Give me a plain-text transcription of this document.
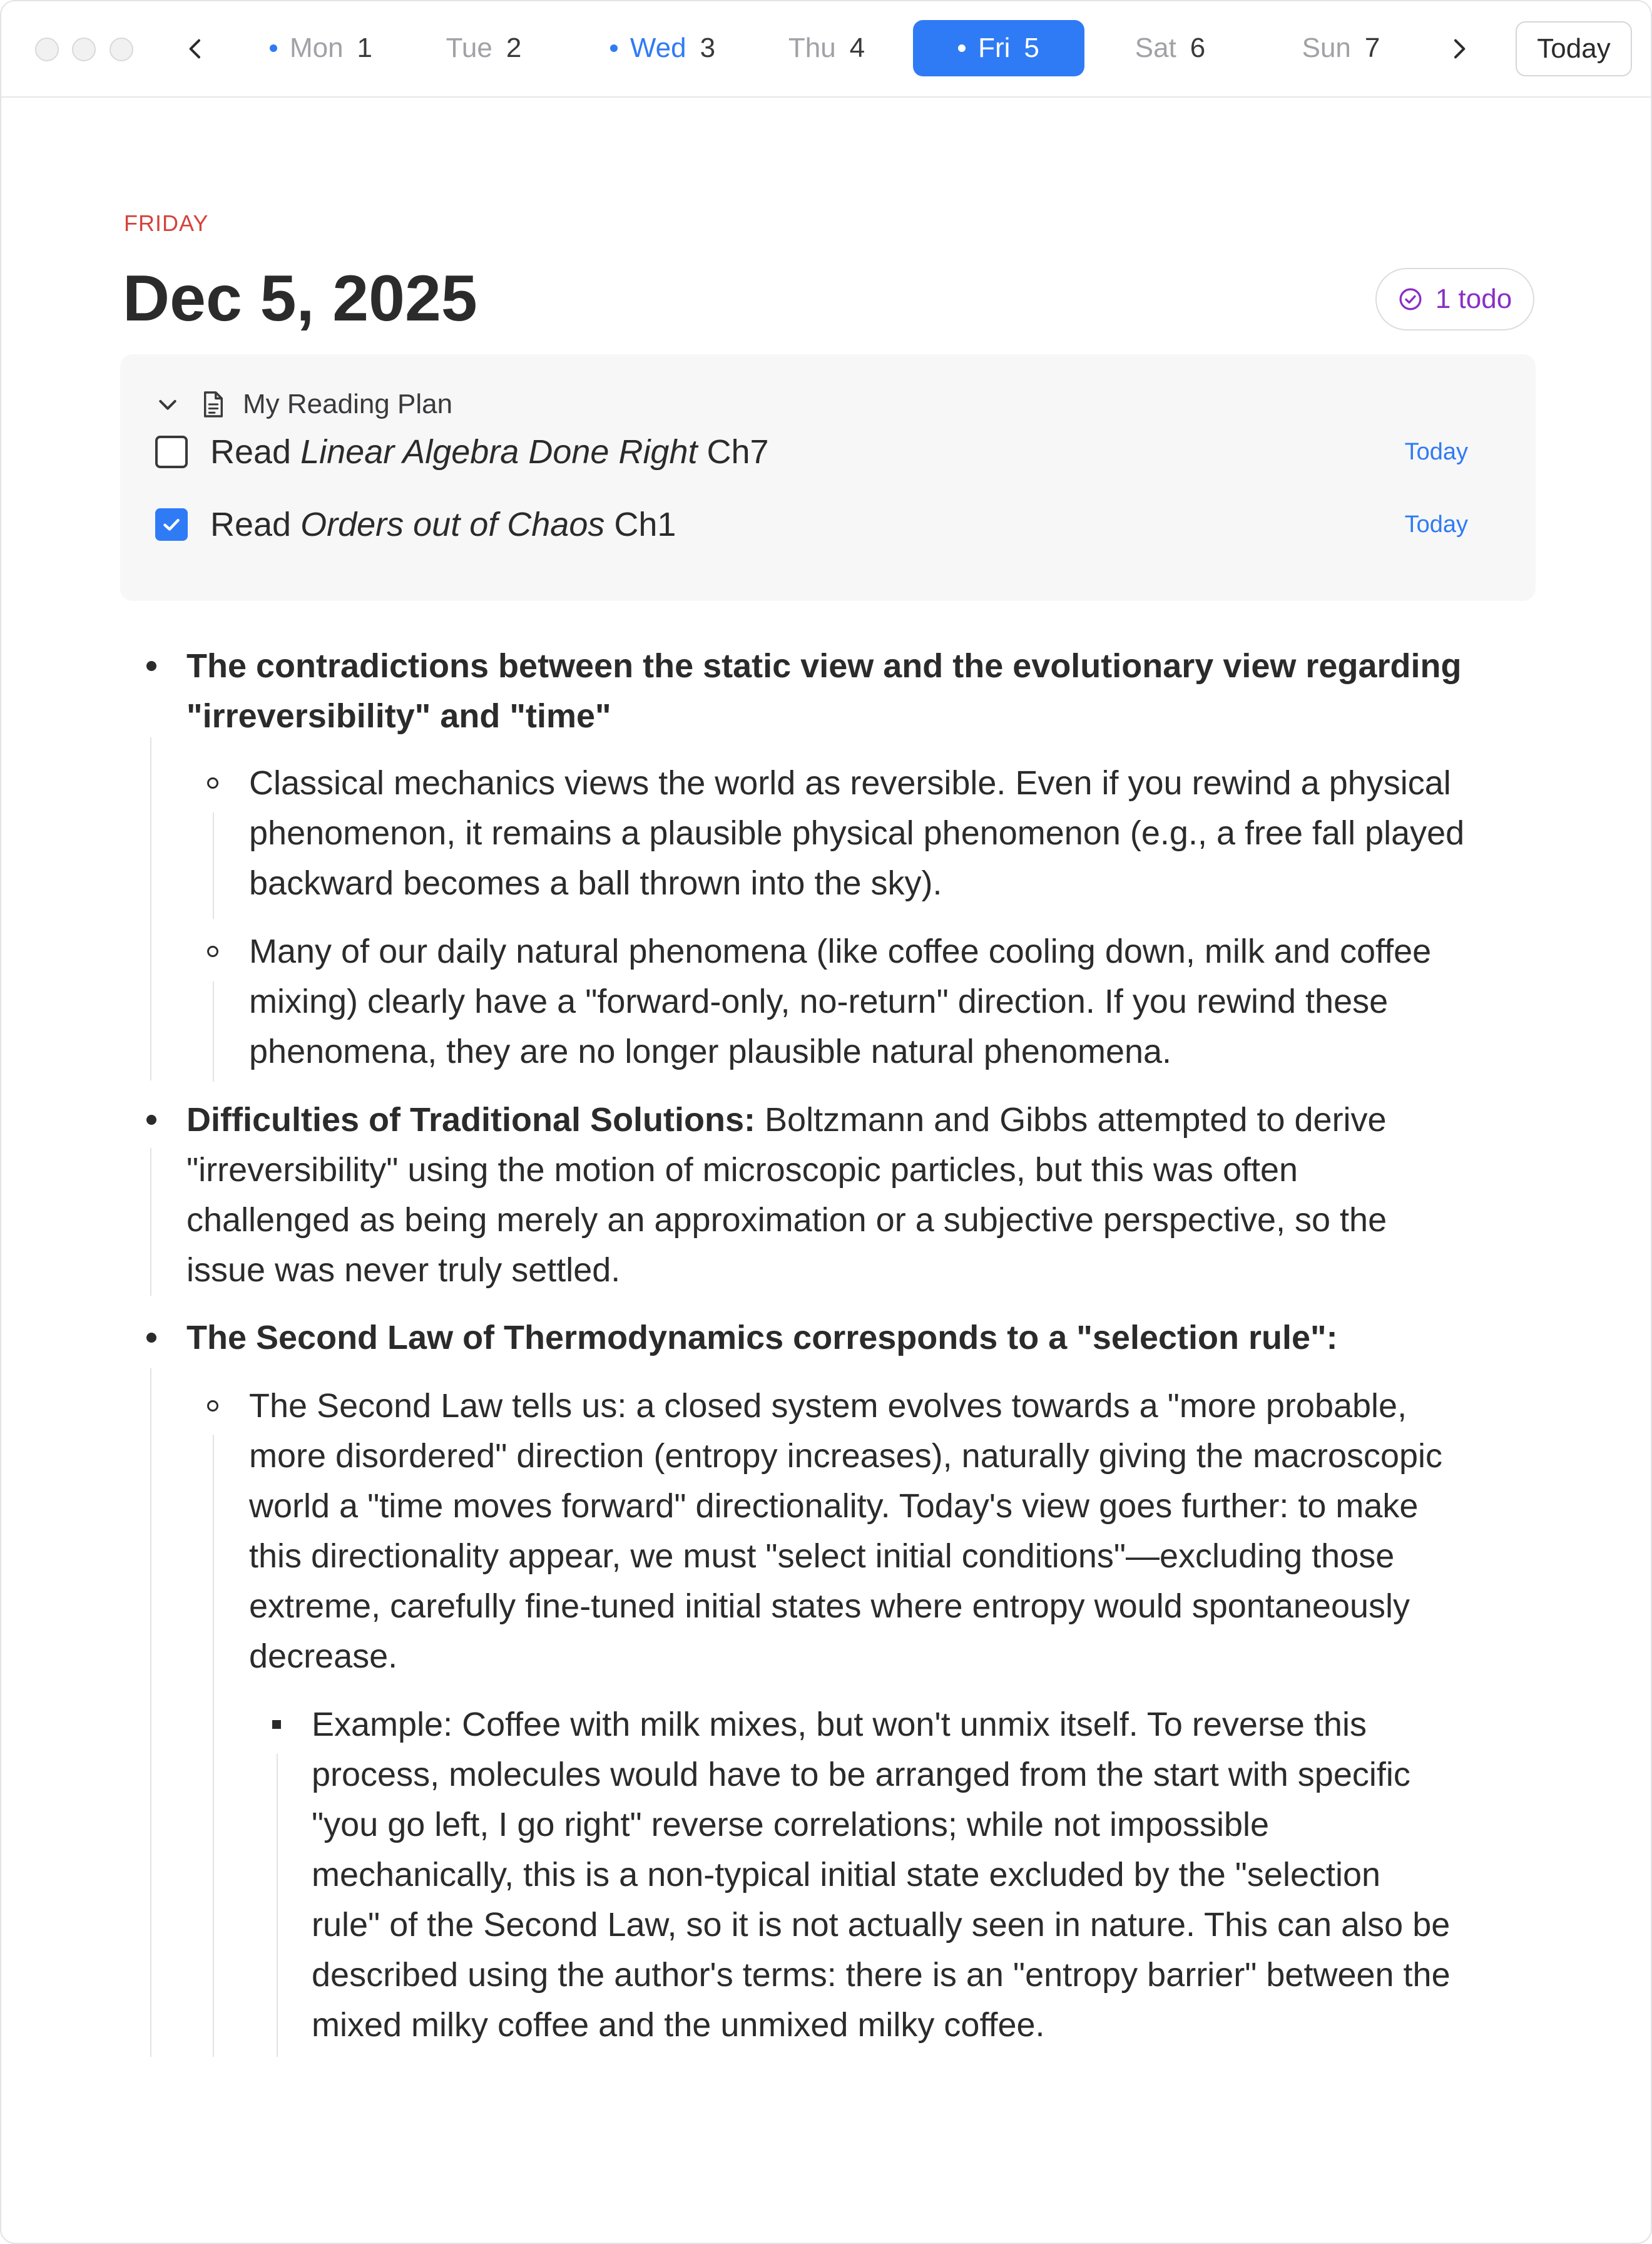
Mon 1	Tue 2	Wed 3	Thu 4	Fri 5	Sat 6	Sun 7	Today
FRIDAY
Dec 5, 2025	1 todo
My Reading Plan
Read Linear Algebra Done Right Ch7	Today
Read Orders out of Chaos Ch1	Today
The contradictions between the static view and the evolutionary view regarding
"irreversibility" and "time"
Classical mechanics views the world as reversible. Even if you rewind a physical
phenomenon, it remains a plausible physical phenomenon (e.g., a free fall played
backward becomes a ball thrown into the sky).
Many of our daily natural phenomena (like coffee cooling down, milk and coffee
mixing) clearly have a "forward-only, no-return" direction. If you rewind these
phenomena, they are no longer plausible natural phenomena.
Difficulties of Traditional Solutions: Boltzmann and Gibbs attempted to derive
"irreversibility" using the motion of microscopic particles, but this was often
challenged as being merely an approximation or a subjective perspective, so the
issue was never truly settled.
The Second Law of Thermodynamics corresponds to a "selection rule":
The Second Law tells us: a closed system evolves towards a "more probable,
more disordered" direction (entropy increases), naturally giving the macroscopic
world a "time moves forward" directionality. Today's view goes further: to make
this directionality appear, we must "select initial conditions"—excluding those
extreme, carefully fine-tuned initial states where entropy would spontaneously
decrease.
Example: Coffee with milk mixes, but won't unmix itself. To reverse this
process, molecules would have to be arranged from the start with specific
"you go left, I go right" reverse correlations; while not impossible
mechanically, this is a non-typical initial state excluded by the "selection
rule" of the Second Law, so it is not actually seen in nature. This can also be
described using the author's terms: there is an "entropy barrier" between the
mixed milky coffee and the unmixed milky coffee.
